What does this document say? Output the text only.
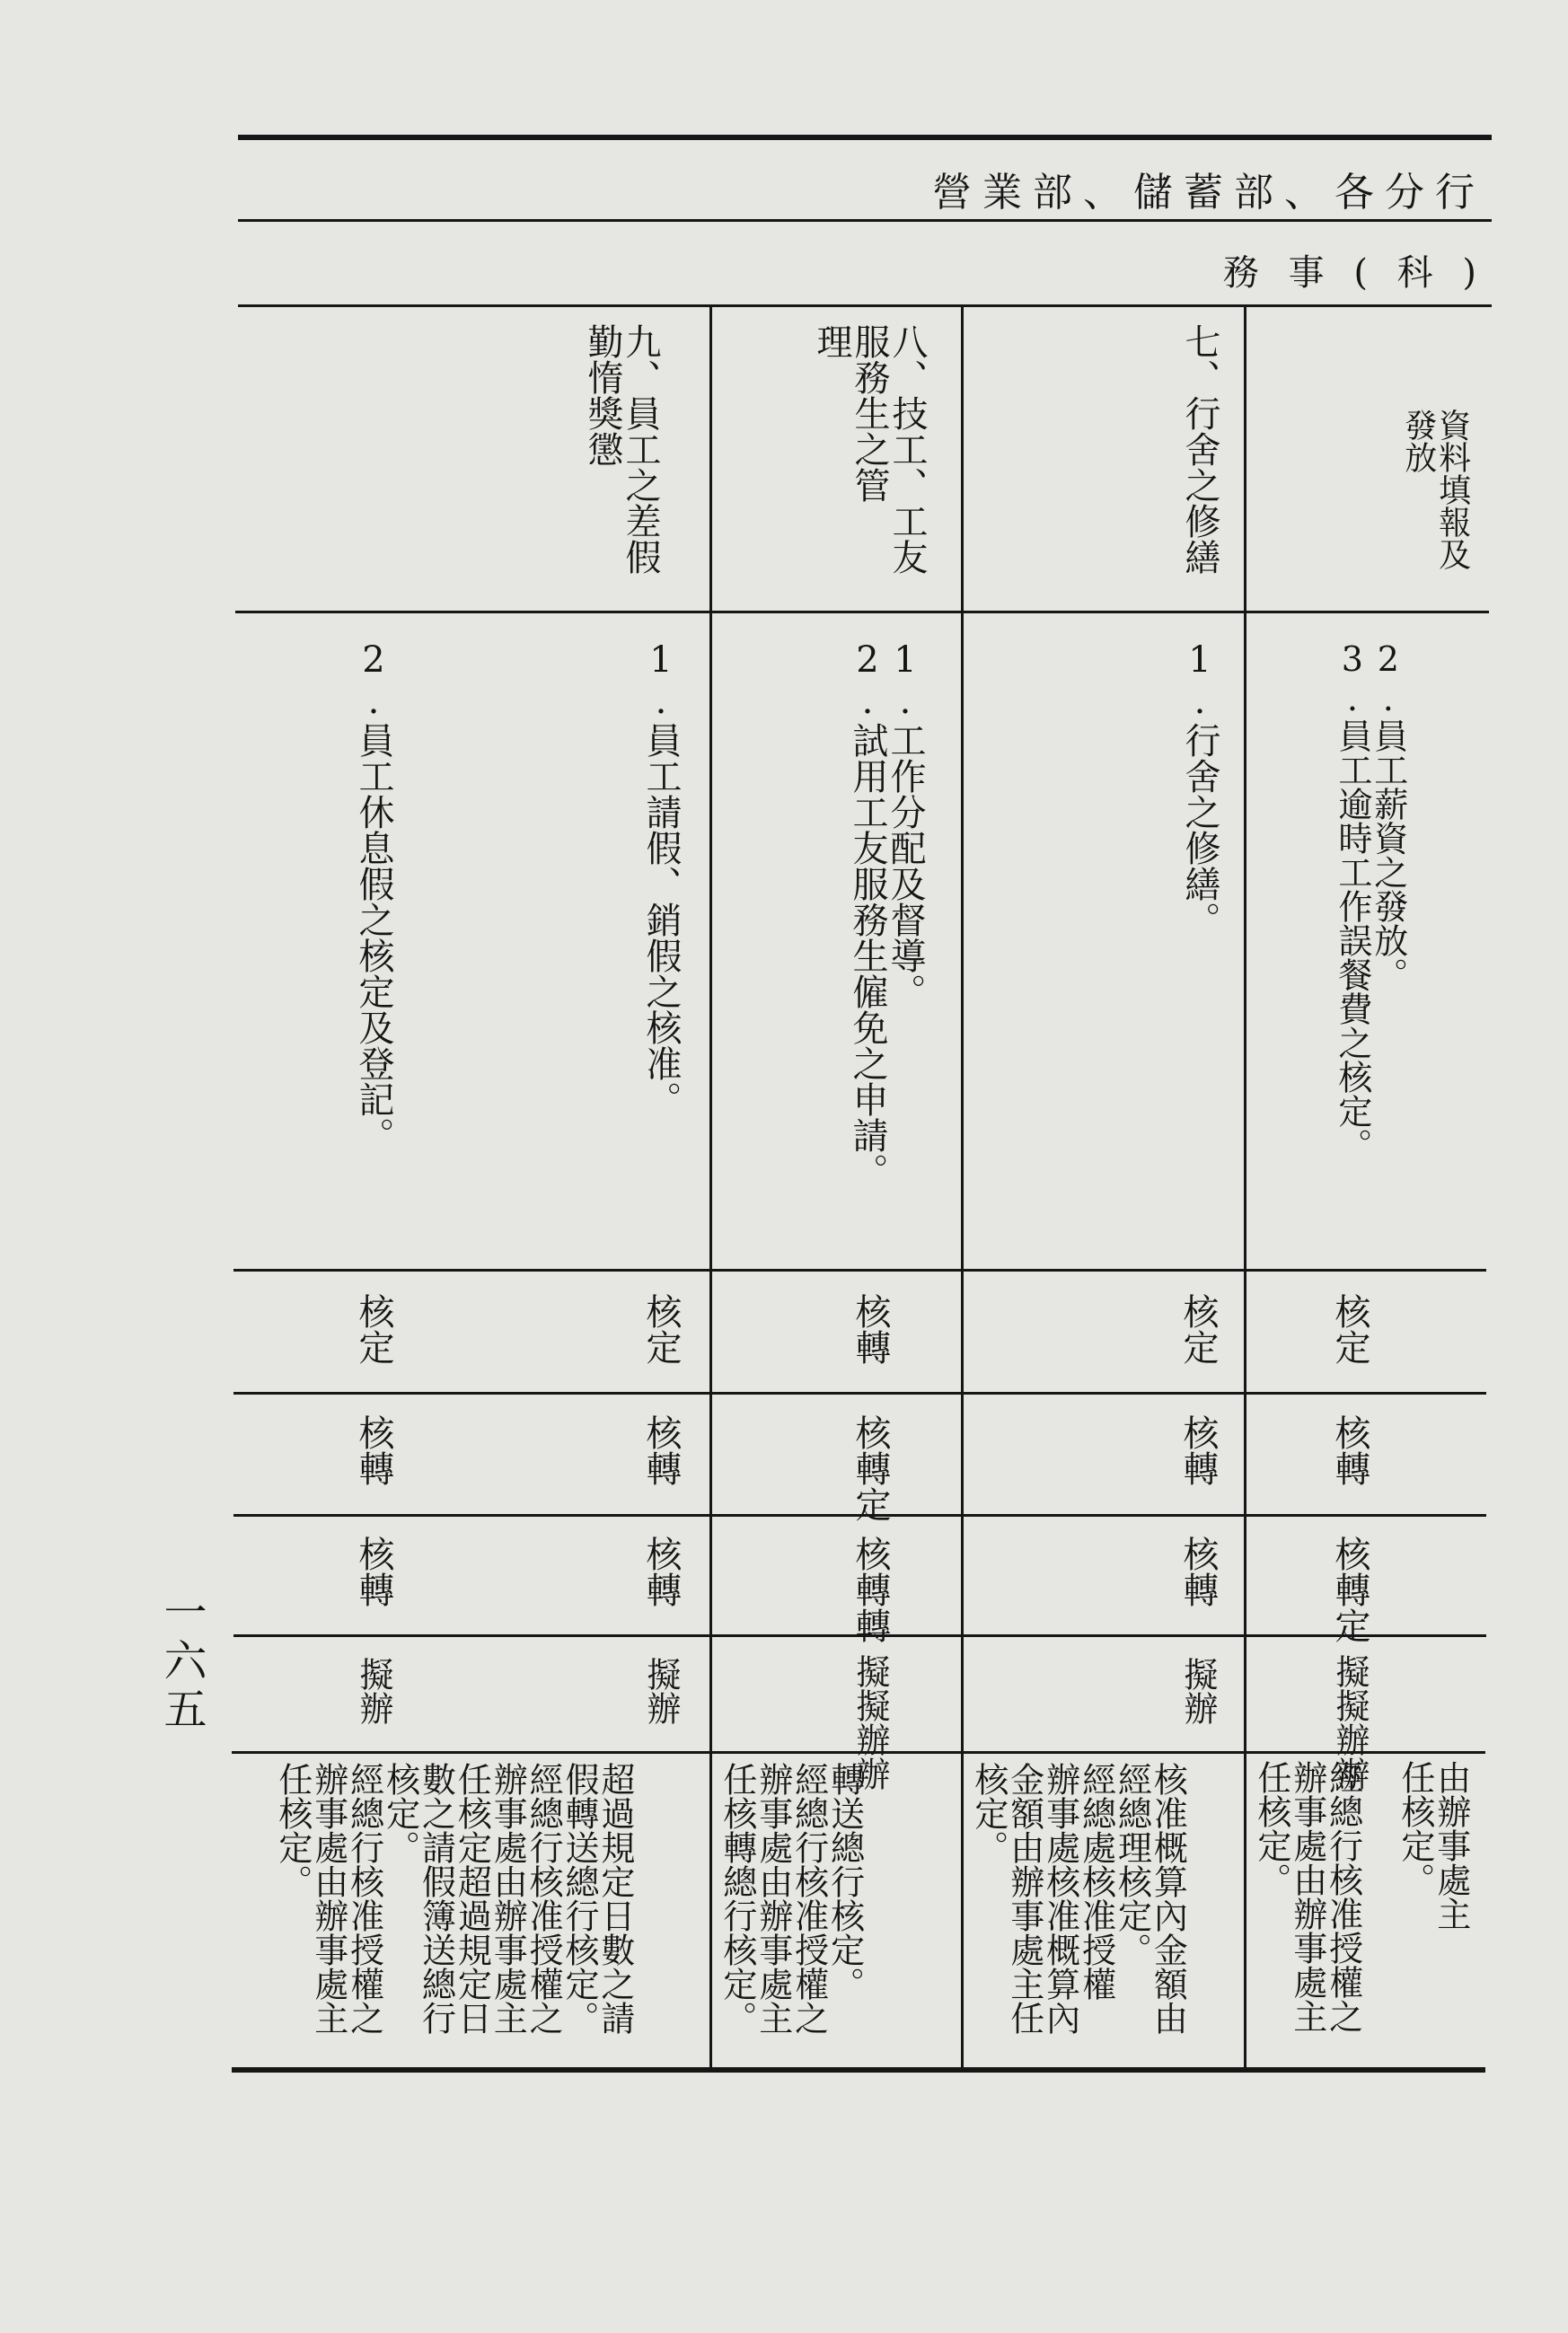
營業部、儲蓄部、各分行
務 事 ( 科 )
資料填報及
發放
2.員工薪資之發放。
3.員工逾時工作誤餐費之核定。
核定
核轉
核轉定
擬擬辦辦
由辦事處主
任核定。
經總行核准授權之
辦事處由辦事處主
任核定。
七、行舍之修繕
1.行舍之修繕。
核定
核轉
核轉
擬辦
核准概算內金額由
經總理核定。
經總處核准授權
辦事處核准概算內
金額由辦事處主任
核定。
八、技工、工友
服務生之管
理
1.工作分配及督導。
2.試用工友服務生僱免之申請。
核轉
核轉定
核轉轉
擬擬辦辦
轉送總行核定。
經總行核准授權之
辦事處由辦事處主
任核轉總行核定。
九、員工之差假
勤惰獎懲
1.員工請假、銷假之核准。
2.員工休息假之核定及登記。
核定
核轉
核轉
擬辦
核定
核轉
核轉
擬辦
超過規定日數之請
假轉送總行核定。
經總行核准授權之
辦事處由辦事處主
任核定超過規定日
數之請假簿送總行
核定。
經總行核准授權之
辦事處由辦事處主
任核定。
一六五
